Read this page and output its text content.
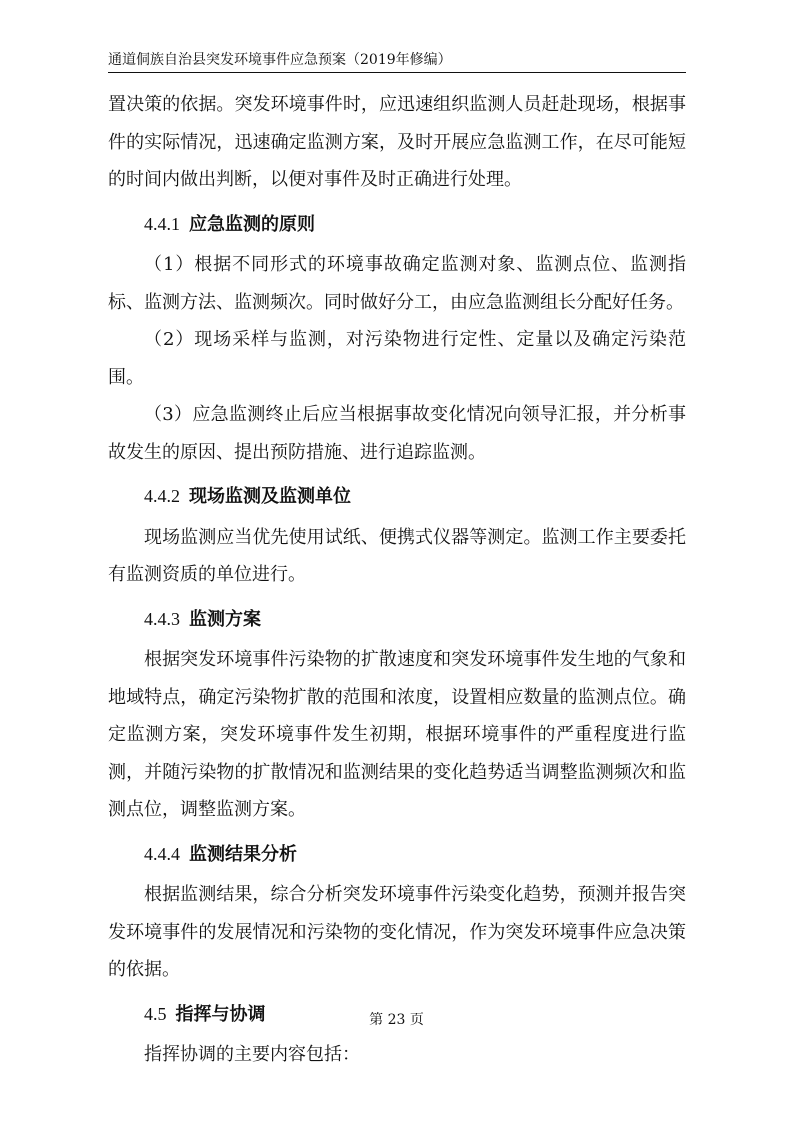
通道侗族自治县突发环境事件应急预案（2019年修编）

置决策的依据。突发环境事件时，应迅速组织监测人员赶赴现场，根据事件的实际情况，迅速确定监测方案，及时开展应急监测工作，在尽可能短的时间内做出判断，以便对事件及时正确进行处理。

4.4.1 应急监测的原则

（1）根据不同形式的环境事故确定监测对象、监测点位、监测指标、监测方法、监测频次。同时做好分工，由应急监测组长分配好任务。

（2）现场采样与监测，对污染物进行定性、定量以及确定污染范围。

（3）应急监测终止后应当根据事故变化情况向领导汇报，并分析事故发生的原因、提出预防措施、进行追踪监测。

4.4.2 现场监测及监测单位

现场监测应当优先使用试纸、便携式仪器等测定。监测工作主要委托有监测资质的单位进行。

4.4.3 监测方案

根据突发环境事件污染物的扩散速度和突发环境事件发生地的气象和地域特点，确定污染物扩散的范围和浓度，设置相应数量的监测点位。确定监测方案，突发环境事件发生初期，根据环境事件的严重程度进行监测，并随污染物的扩散情况和监测结果的变化趋势适当调整监测频次和监测点位，调整监测方案。

4.4.4 监测结果分析

根据监测结果，综合分析突发环境事件污染变化趋势，预测并报告突发环境事件的发展情况和污染物的变化情况，作为突发环境事件应急决策的依据。

4.5 指挥与协调

指挥协调的主要内容包括：

第 23 页
